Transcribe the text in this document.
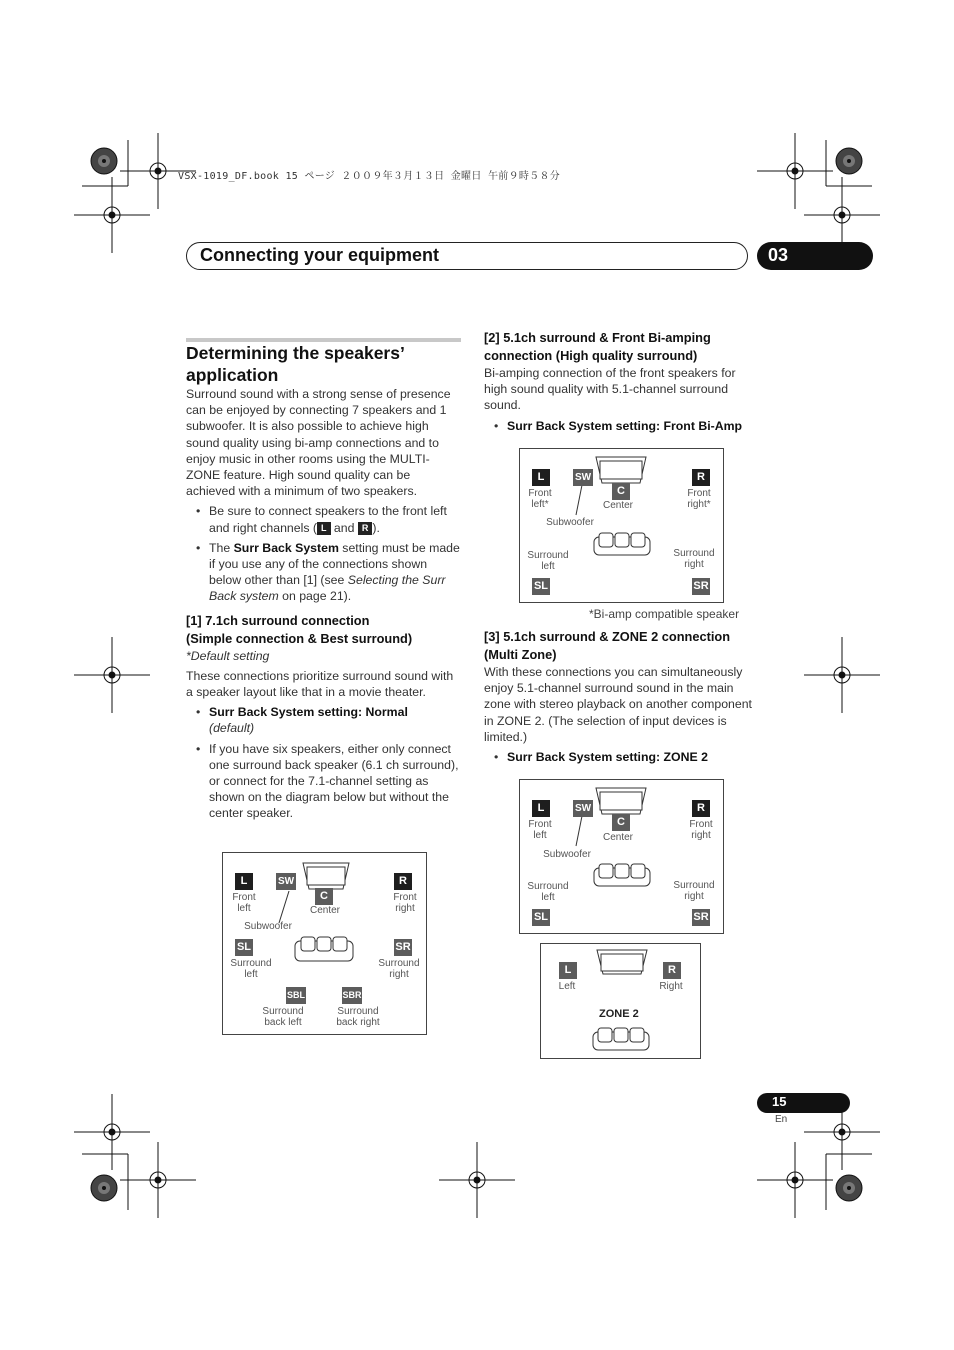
VSX-1019_DF.book 15 ページ ２００９年３月１３日 金曜日 午前９時５８分
Connecting your equipment	03
Determining the speakers’
application

Surround sound with a strong sense of presence can be enjoyed by connecting 7 speakers and 1 subwoofer. It is also possible to achieve high sound quality using bi-amp connections and to enjoy music in other rooms using the MULTI-ZONE feature. High sound quality can be achieved with a minimum of two speakers.

• Be sure to connect speakers to the front left and right channels ( L and R ).

• The Surr Back System setting must be made if you use any of the connections shown below other than [1] (see Selecting the Surr Back system on page 21).

[1] 7.1ch surround connection
(Simple connection & Best surround)

*Default setting

These connections prioritize surround sound with a speaker layout like that in a movie theater.

• Surr Back System setting: Normal
(default)

• If you have six speakers, either only connect one surround back speaker (6.1 ch surround), or connect for the 7.1-channel setting as shown on the diagram below but without the center speaker.

L	SW
C
R
Front
left	Center
Front
right
Subwoofer
SL	SR
Surround
left
Surround
right
SBL	SBR
Surround
back left
Surround
back right
[2] 5.1ch surround & Front Bi-amping
connection (High quality surround)

Bi-amping connection of the front speakers for high sound quality with 5.1-channel surround sound.

• Surr Back System setting: Front Bi-Amp

L	SW
C
R
Front
left*	Center
Front
right*
Subwoofer
Surround
left
Surround
right
SL	SR
*Bi-amp compatible speaker
[3] 5.1ch surround & ZONE 2 connection
(Multi Zone)

With these connections you can simultaneously enjoy 5.1-channel surround sound in the main zone with stereo playback on another component in ZONE 2. (The selection of input devices is limited.)

• Surr Back System setting: ZONE 2

L	SW
C
R
Front
left	Center
Front
right
Subwoofer
Surround
left
Surround
right
SL	SR
L	R
Left	Right
ZONE 2
15
En
